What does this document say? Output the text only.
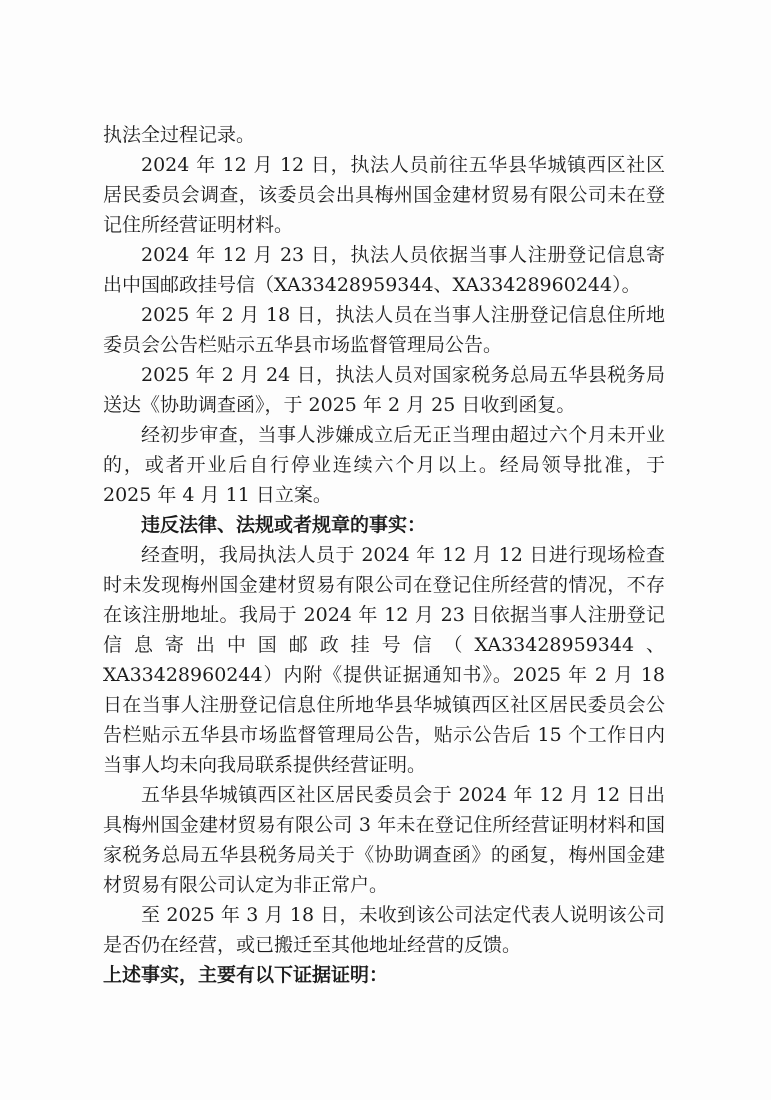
执法全过程记录。

2024 年 12 月 12 日，执法人员前往五华县华城镇西区社区居民委员会调查，该委员会出具梅州国金建材贸易有限公司未在登记住所经营证明材料。

2024 年 12 月 23 日，执法人员依据当事人注册登记信息寄出中国邮政挂号信（XA33428959344、XA33428960244）。

2025 年 2 月 18 日，执法人员在当事人注册登记信息住所地委员会公告栏贴示五华县市场监督管理局公告。

2025 年 2 月 24 日，执法人员对国家税务总局五华县税务局送达《协助调查函》，于 2025 年 2 月 25 日收到函复。

经初步审查，当事人涉嫌成立后无正当理由超过六个月未开业的，或者开业后自行停业连续六个月以上。经局领导批准，于 2025 年 4 月 11 日立案。

违反法律、法规或者规章的事实：

经查明，我局执法人员于 2024 年 12 月 12 日进行现场检查时未发现梅州国金建材贸易有限公司在登记住所经营的情况，不存在该注册地址。我局于 2024 年 12 月 23 日依据当事人注册登记信息寄出中国邮政挂号信（XA33428959344、XA33428960244）内附《提供证据通知书》。2025 年 2 月 18 日在当事人注册登记信息住所地华县华城镇西区社区居民委员会公告栏贴示五华县市场监督管理局公告，贴示公告后 15 个工作日内当事人均未向我局联系提供经营证明。

五华县华城镇西区社区居民委员会于 2024 年 12 月 12 日出具梅州国金建材贸易有限公司 3 年未在登记住所经营证明材料和国家税务总局五华县税务局关于《协助调查函》的函复，梅州国金建材贸易有限公司认定为非正常户。

至 2025 年 3 月 18 日，未收到该公司法定代表人说明该公司是否仍在经营，或已搬迁至其他地址经营的反馈。

上述事实，主要有以下证据证明：
